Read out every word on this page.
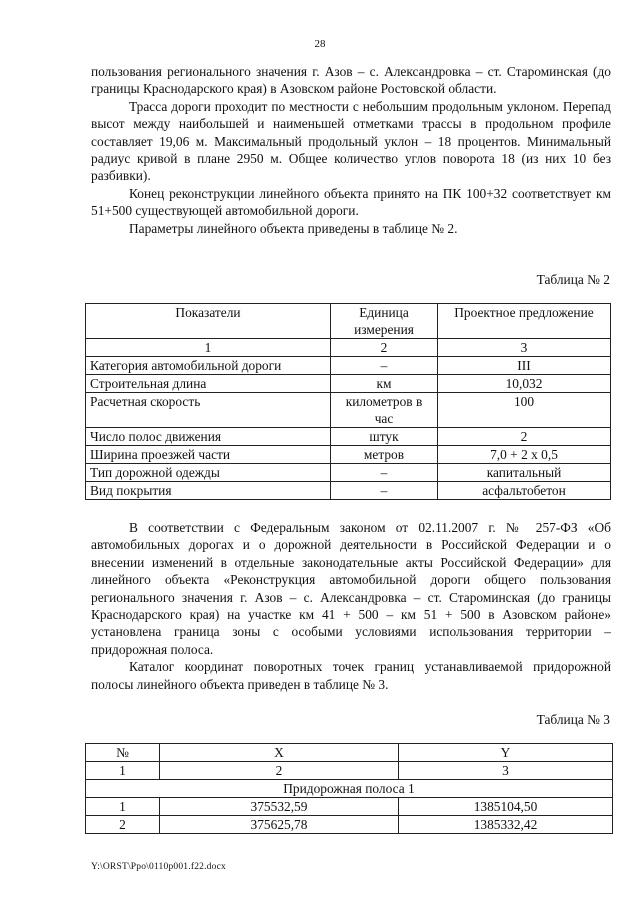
28

пользования регионального значения г. Азов – с. Александровка – ст. Староминская (до границы Краснодарского края) в Азовском районе Ростовской области.

Трасса дороги проходит по местности с небольшим продольным уклоном. Перепад высот между наибольшей и наименьшей отметками трассы в продольном профиле составляет 19,06 м. Максимальный продольный уклон – 18 процентов. Минимальный радиус кривой в плане 2950 м. Общее количество углов поворота 18 (из них 10 без разбивки).

Конец реконструкции линейного объекта принято на ПК 100+32 соответствует км 51+500 существующей автомобильной дороги.

Параметры линейного объекта приведены в таблице № 2.

Таблица № 2
Показатели	Единица измерения	Проектное предложение
1	2	3
Категория автомобильной дороги	–	III
Строительная длина	км	10,032
Расчетная скорость	километров в час	100
Число полос движения	штук	2
Ширина проезжей части	метров	7,0 + 2 х 0,5
Тип дорожной одежды	–	капитальный
Вид покрытия	–	асфальтобетон

В соответствии с Федеральным законом от 02.11.2007 г. № 257-ФЗ «Об автомобильных дорогах и о дорожной деятельности в Российской Федерации и о внесении изменений в отдельные законодательные акты Российской Федерации» для линейного объекта «Реконструкция автомобильной дороги общего пользования регионального значения г. Азов – с. Александровка – ст. Староминская (до границы Краснодарского края) на участке км 41 + 500 – км 51 + 500 в Азовском районе» установлена граница зоны с особыми условиями использования территории – придорожная полоса.

Каталог координат поворотных точек границ устанавливаемой придорожной полосы линейного объекта приведен в таблице № 3.

Таблица № 3
№	X	Y
1	2	3
Придорожная полоса 1		
1	375532,59	1385104,50
2	375625,78	1385332,42
Y:\ORST\Ppo\0110p001.f22.docx
